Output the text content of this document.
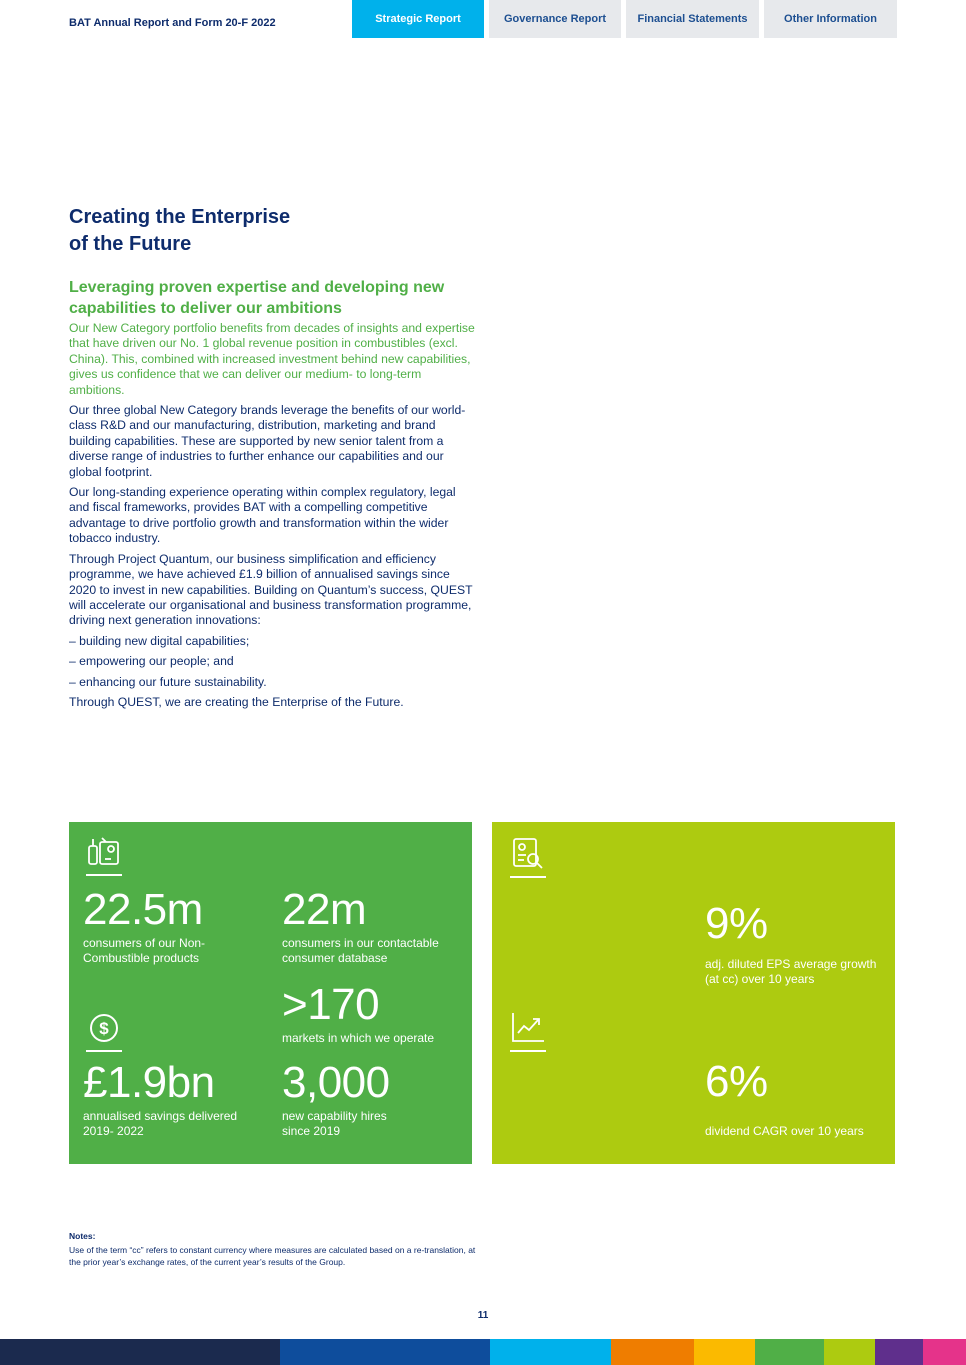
BAT Annual Report and Form 20-F 2022	Strategic Report	Governance Report	Financial Statements	Other Information
Creating the Enterprise
of the Future
Leveraging proven expertise and developing new capabilities to deliver our ambitions

Our New Category portfolio benefits from decades of insights and expertise that have driven our No. 1 global revenue position in combustibles (excl. China). This, combined with increased investment behind new capabilities, gives us confidence that we can deliver our medium- to long-term ambitions.

Our three global New Category brands leverage the benefits of our world-class R&D and our manufacturing, distribution, marketing and brand building capabilities. These are supported by new senior talent from a diverse range of industries to further enhance our capabilities and our global footprint.

Our long-standing experience operating within complex regulatory, legal and fiscal frameworks, provides BAT with a compelling competitive advantage to drive portfolio growth and transformation within the wider tobacco industry.

Through Project Quantum, our business simplification and efficiency programme, we have achieved £1.9 billion of annualised savings since 2020 to invest in new capabilities. Building on Quantum’s success, QUEST will accelerate our organisational and business transformation programme, driving next generation innovations:

– building new digital capabilities;

– empowering our people; and

– enhancing our future sustainability.

Through QUEST, we are creating the Enterprise of the Future.

22.5m
consumers of our Non-Combustible products
22m
consumers in our contactable consumer database
>170
markets in which we operate
$
£1.9bn
annualised savings delivered 2019- 2022
3,000
new capability hires since 2019
9%
adj. diluted EPS average growth (at cc) over 10 years
6%
dividend CAGR over 10 years
Notes:
Use of the term “cc” refers to constant currency where measures are calculated based on a re-translation, at the prior year’s exchange rates, of the current year’s results of the Group.
11
